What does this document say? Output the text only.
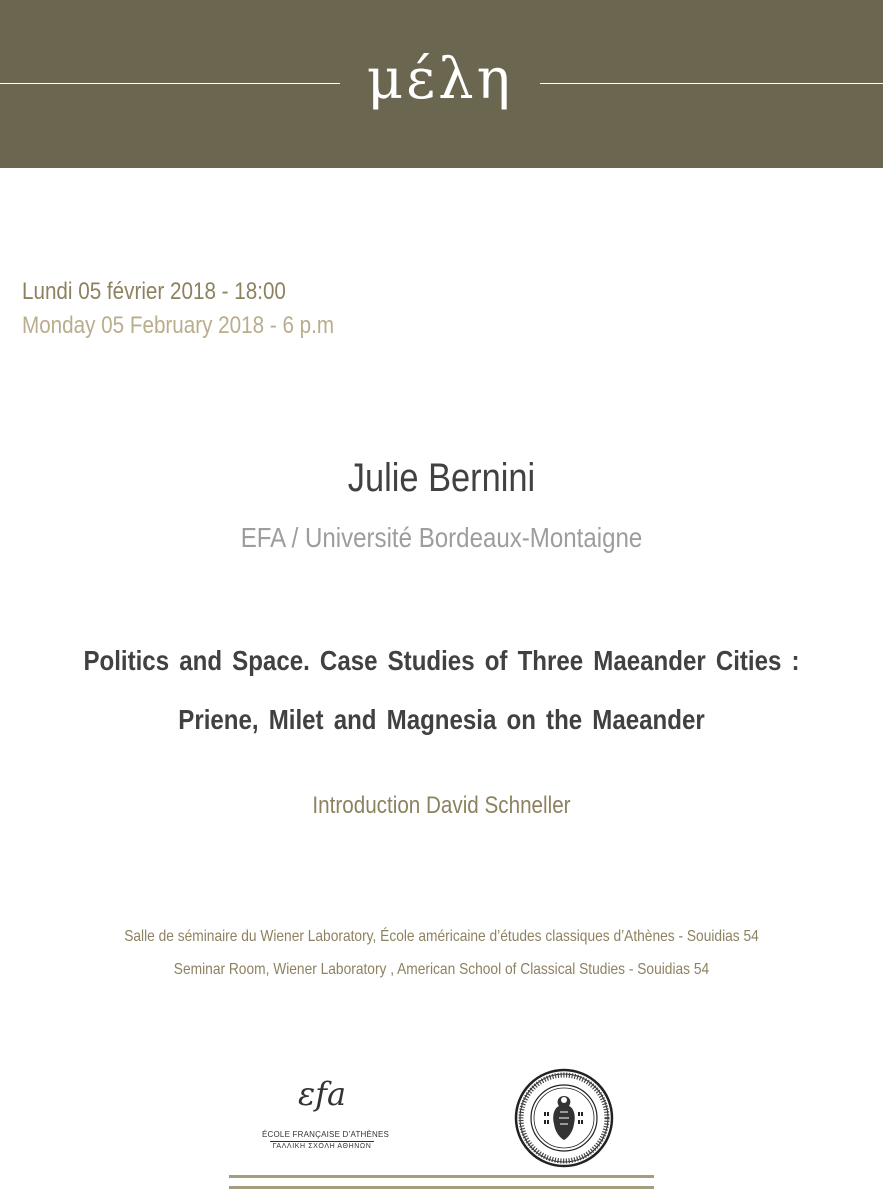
μέλη
Lundi 05 février 2018 - 18:00
Monday 05 February 2018 - 6 p.m
Julie Bernini
EFA / Université Bordeaux-Montaigne
Politics and Space. Case Studies of Three Maeander Cities :
Priene, Milet and Magnesia on the Maeander
Introduction David Schneller
Salle de séminaire du Wiener Laboratory, École américaine d’études classiques d’Athènes - Souidias 54
Seminar Room, Wiener Laboratory , American School of Classical Studies - Souidias 54
εfa
ÉCOLE FRANÇAISE D’ATHÈNES
ΓΑΛΛΙΚΗ ΣΧΟΛΗ ΑΘΗΝΩΝ
